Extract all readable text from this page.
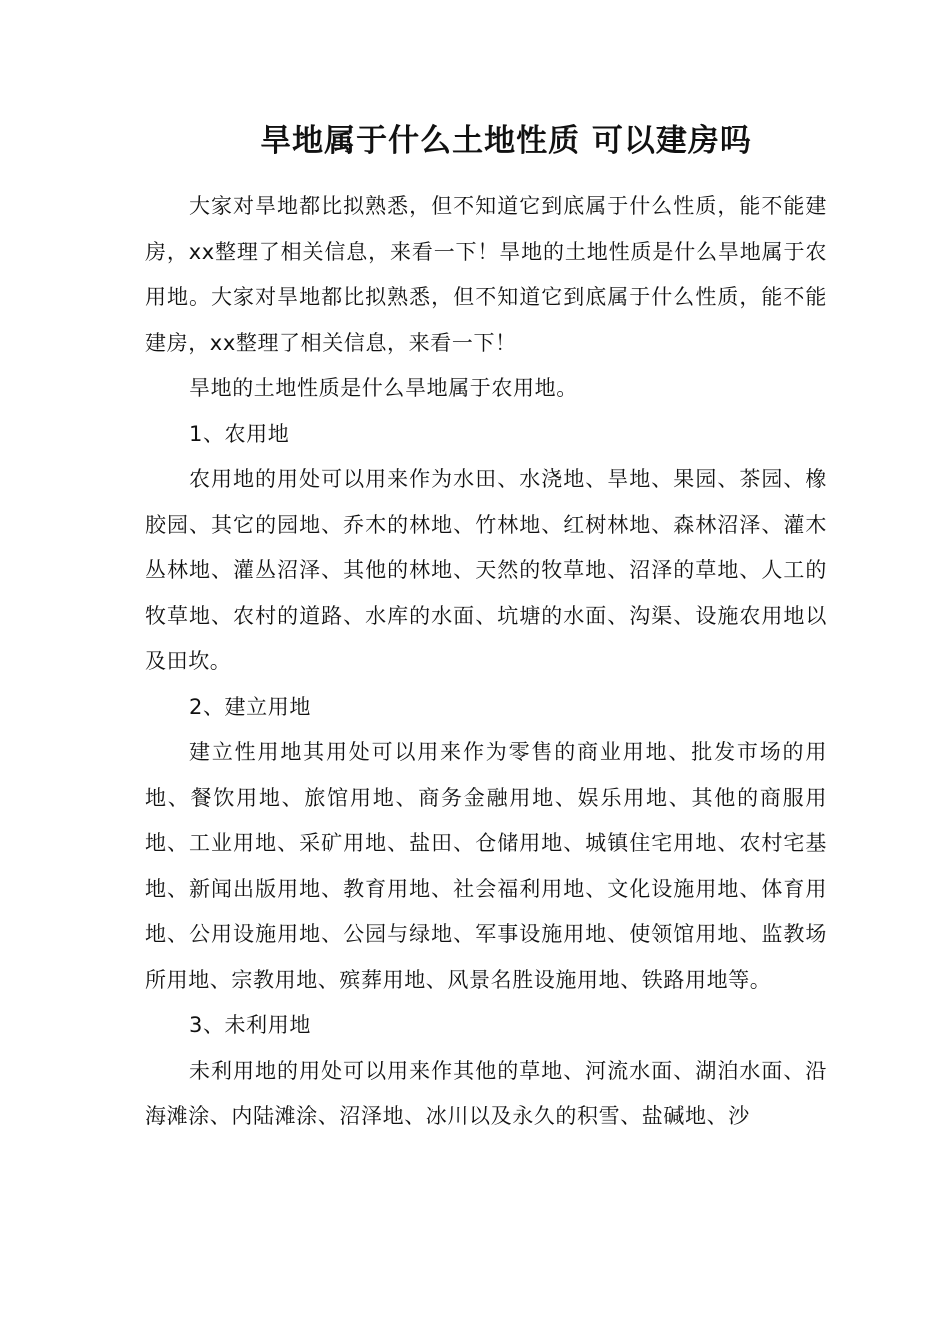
旱地属于什么土地性质 可以建房吗

大家对旱地都比拟熟悉，但不知道它到底属于什么性质，能不能建房，xx整理了相关信息，来看一下！旱地的土地性质是什么旱地属于农用地。大家对旱地都比拟熟悉，但不知道它到底属于什么性质，能不能建房，xx整理了相关信息，来看一下！

旱地的土地性质是什么旱地属于农用地。

1、农用地

农用地的用处可以用来作为水田、水浇地、旱地、果园、茶园、橡胶园、其它的园地、乔木的林地、竹林地、红树林地、森林沼泽、灌木丛林地、灌丛沼泽、其他的林地、天然的牧草地、沼泽的草地、人工的牧草地、农村的道路、水库的水面、坑塘的水面、沟渠、设施农用地以及田坎。

2、建立用地

建立性用地其用处可以用来作为零售的商业用地、批发市场的用地、餐饮用地、旅馆用地、商务金融用地、娱乐用地、其他的商服用地、工业用地、采矿用地、盐田、仓储用地、城镇住宅用地、农村宅基地、新闻出版用地、教育用地、社会福利用地、文化设施用地、体育用地、公用设施用地、公园与绿地、军事设施用地、使领馆用地、监教场所用地、宗教用地、殡葬用地、风景名胜设施用地、铁路用地等。

3、未利用地

未利用地的用处可以用来作其他的草地、河流水面、湖泊水面、沿海滩涂、内陆滩涂、沼泽地、冰川以及永久的积雪、盐碱地、沙
